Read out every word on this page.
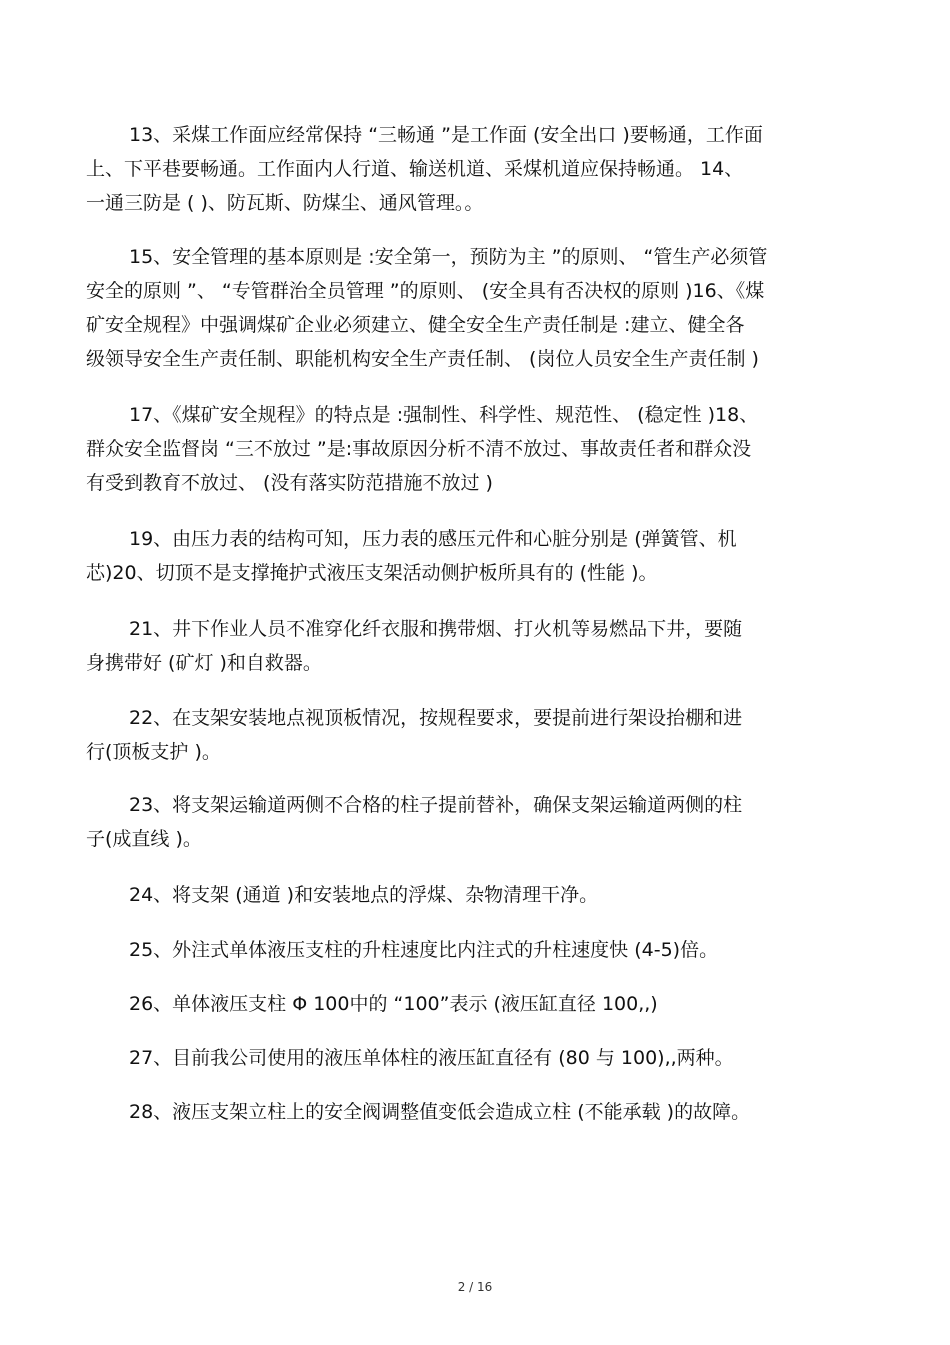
13、采煤工作面应经常保持 “三畅通 ”是工作面 (安全出口 )要畅通，工作面
上、下平巷要畅通。工作面内人行道、输送机道、采煤机道应保持畅通。 14、
一通三防是 ( )、防瓦斯、防煤尘、通风管理。。
15、安全管理的基本原则是 :安全第一，预防为主 ”的原则、 “管生产必须管
安全的原则 ”、 “专管群治全员管理 ”的原则、 (安全具有否决权的原则 )16、《煤
矿安全规程》中强调煤矿企业必须建立、健全安全生产责任制是 :建立、健全各
级领导安全生产责任制、职能机构安全生产责任制、 (岗位人员安全生产责任制 )
17、《煤矿安全规程》的特点是 :强制性、科学性、规范性、 (稳定性 )18、
群众安全监督岗 “三不放过 ”是:事故原因分析不清不放过、事故责任者和群众没
有受到教育不放过、 (没有落实防范措施不放过 )
19、由压力表的结构可知，压力表的感压元件和心脏分别是 (弹簧管、机
芯)20、切顶不是支撑掩护式液压支架活动侧护板所具有的 (性能 )。
21、井下作业人员不准穿化纤衣服和携带烟、打火机等易燃品下井，要随
身携带好 (矿灯 )和自救器。
22、在支架安装地点视顶板情况，按规程要求，要提前进行架设抬棚和进
行(顶板支护 )。
23、将支架运输道两侧不合格的柱子提前替补，确保支架运输道两侧的柱
子(成直线 )。
24、将支架 (通道 )和安装地点的浮煤、杂物清理干净。
25、外注式单体液压支柱的升柱速度比内注式的升柱速度快 (4-5)倍。
26、单体液压支柱 Φ 100中的 “100”表示 (液压缸直径 100,,)
27、目前我公司使用的液压单体柱的液压缸直径有 (80 与 100),,两种。
28、液压支架立柱上的安全阀调整值变低会造成立柱 (不能承载 )的故障。
2 / 16
